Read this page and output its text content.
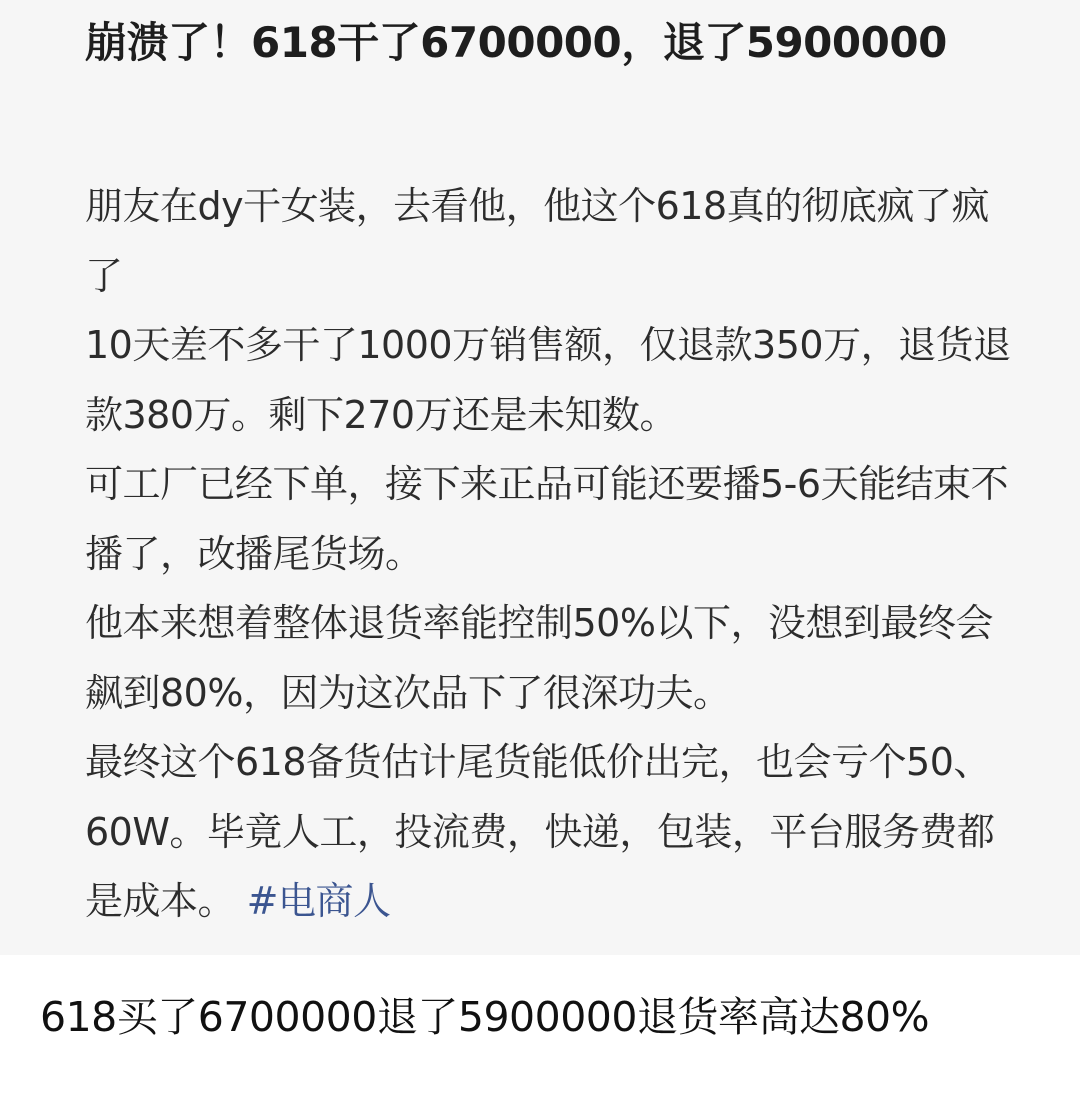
崩溃了！618干了6700000，退了5900000

朋友在dy干女装，去看他，他这个618真的彻底疯了疯了

10天差不多干了1000万销售额，仅退款350万，退货退款380万。剩下270万还是未知数。

可工厂已经下单，接下来正品可能还要播5-6天能结束不播了，改播尾货场。

他本来想着整体退货率能控制50%以下，没想到最终会飙到80%，因为这次品下了很深功夫。

最终这个618备货估计尾货能低价出完，也会亏个50、60W。毕竟人工，投流费，快递，包装，平台服务费都是成本。 #电商人

618买了6700000退了5900000退货率高达80%
